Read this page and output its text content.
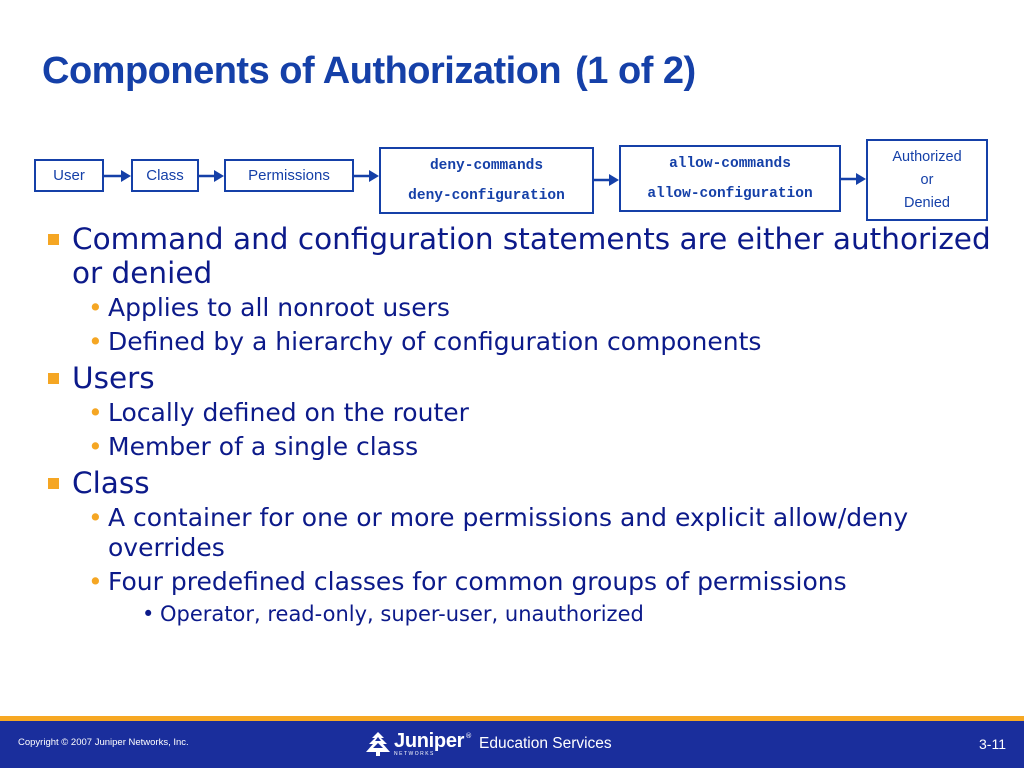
Components of Authorization (1 of 2)
User	Class	Permissions
deny-commands
deny-configuration
allow-commands
allow-configuration
Authorized
or
Denied
Command and configuration statements are either authorized or denied
• Applies to all nonroot users
• Defined by a hierarchy of configuration components
Users
• Locally defined on the router
• Member of a single class
Class
• A container for one or more permissions and explicit allow/deny overrides
• Four predefined classes for common groups of permissions
• Operator, read-only, super-user, unauthorized
Copyright © 2007 Juniper Networks, Inc.	Juniper
NETWORKS
® Education Services	3-11
